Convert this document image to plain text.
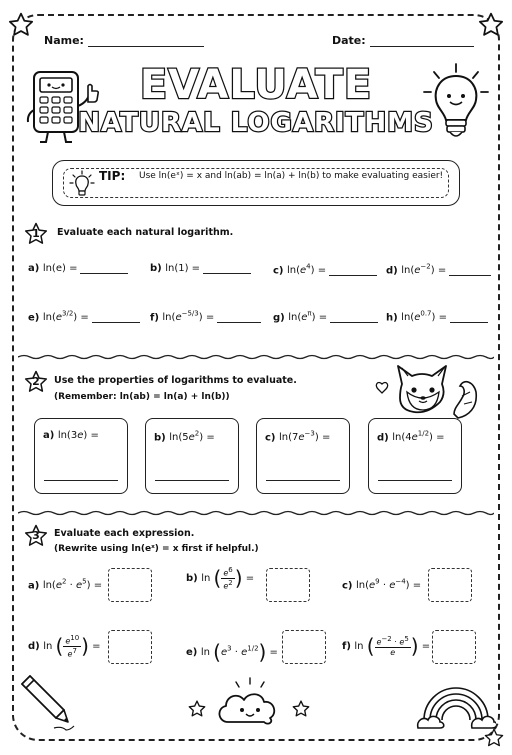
Name:	Date:
EVALUATE
NATURAL LOGARITHMS
TIP: Use ln(eˣ) = x and ln(ab) = ln(a) + ln(b) to make evaluating easier!
1	Evaluate each natural logarithm.
a) ln(e) =	b) ln(1) =	c) $\ln(e^4)$ =	d) $\ln(e^{-2})$ =
e) $\ln(e^{3/2})$ =	f) $\ln(e^{-5/3})$ =	g) $\ln(e^\pi)$ =	h) $\ln(e^{0.7})$ =
2	Use the properties of logarithms to evaluate.
(Remember: ln(ab) = ln(a) + ln(b))
a) ln(3e) =	b) $\ln(5e^2)$ =	c) $\ln(7e^{-3})$ =	d) $\ln(4e^{1/2})$ =
3	Evaluate each expression.
(Rewrite using ln(eˣ) = x first if helpful.)
a) $\ln(e^2 \cdot e^5)$ =
b) ln ( $\frac{e^6}{e^2}$ ) =
c) $\ln(e^9 \cdot e^{-4})$ =
d) ln ( $\frac{e^{10}}{e^7}$ ) =
e) $\ln (e^3 \cdot e^{1/2})$ =
f) ln ( $\frac{e^{-2} \cdot e^5}{e}$ ) =
